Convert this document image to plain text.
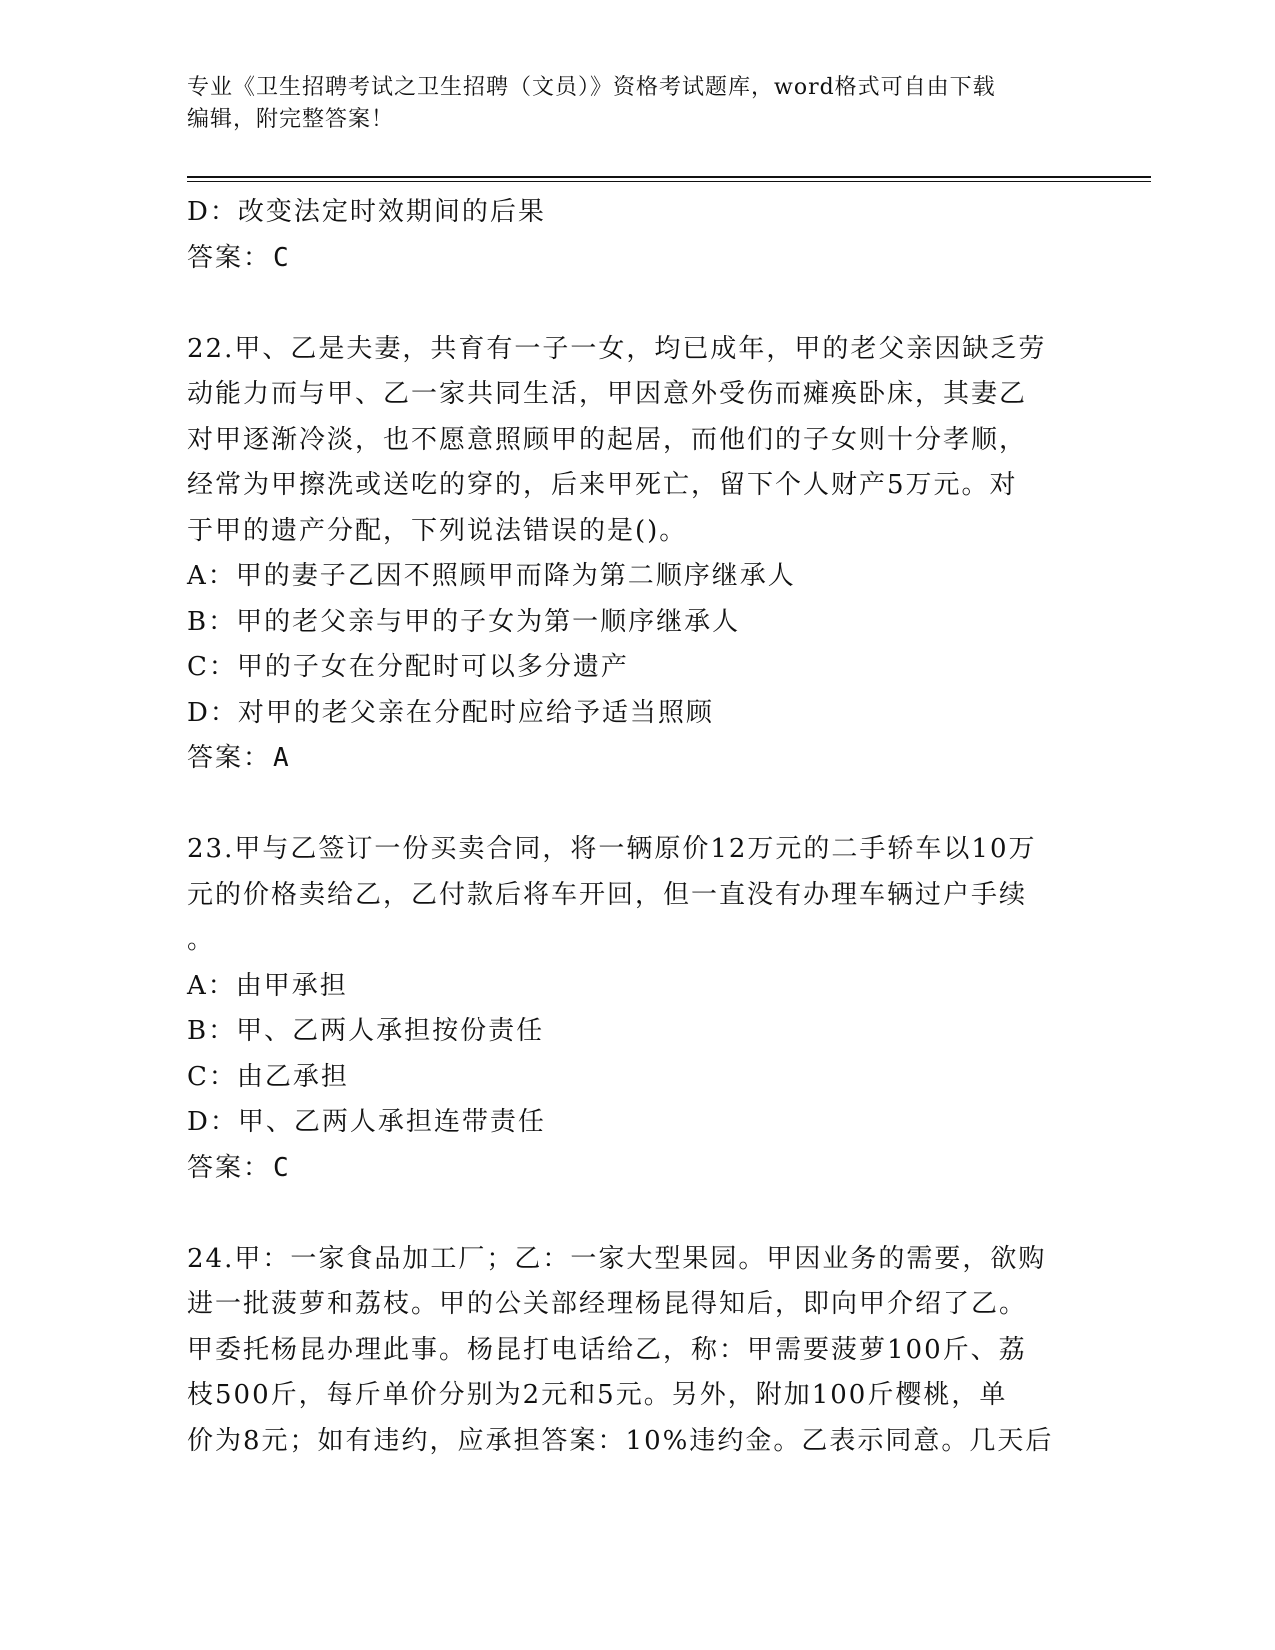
专业《卫生招聘考试之卫生招聘（文员）》资格考试题库，word格式可自由下载
编辑，附完整答案！
D：改变法定时效期间的后果
答案：C
22.甲、乙是夫妻，共育有一子一女，均已成年，甲的老父亲因缺乏劳
动能力而与甲、乙一家共同生活，甲因意外受伤而瘫痪卧床，其妻乙
对甲逐渐冷淡，也不愿意照顾甲的起居，而他们的子女则十分孝顺，
经常为甲擦洗或送吃的穿的，后来甲死亡，留下个人财产5万元。对
于甲的遗产分配，下列说法错误的是()。
A：甲的妻子乙因不照顾甲而降为第二顺序继承人
B：甲的老父亲与甲的子女为第一顺序继承人
C：甲的子女在分配时可以多分遗产
D：对甲的老父亲在分配时应给予适当照顾
答案：A
23.甲与乙签订一份买卖合同，将一辆原价12万元的二手轿车以10万
元的价格卖给乙，乙付款后将车开回，但一直没有办理车辆过户手续
。
A：由甲承担
B：甲、乙两人承担按份责任
C：由乙承担
D：甲、乙两人承担连带责任
答案：C
24.甲：一家食品加工厂；乙：一家大型果园。甲因业务的需要，欲购
进一批菠萝和荔枝。甲的公关部经理杨昆得知后，即向甲介绍了乙。
甲委托杨昆办理此事。杨昆打电话给乙，称：甲需要菠萝100斤、荔
枝500斤，每斤单价分别为2元和5元。另外，附加100斤樱桃，单
价为8元；如有违约，应承担答案：10%违约金。乙表示同意。几天后
